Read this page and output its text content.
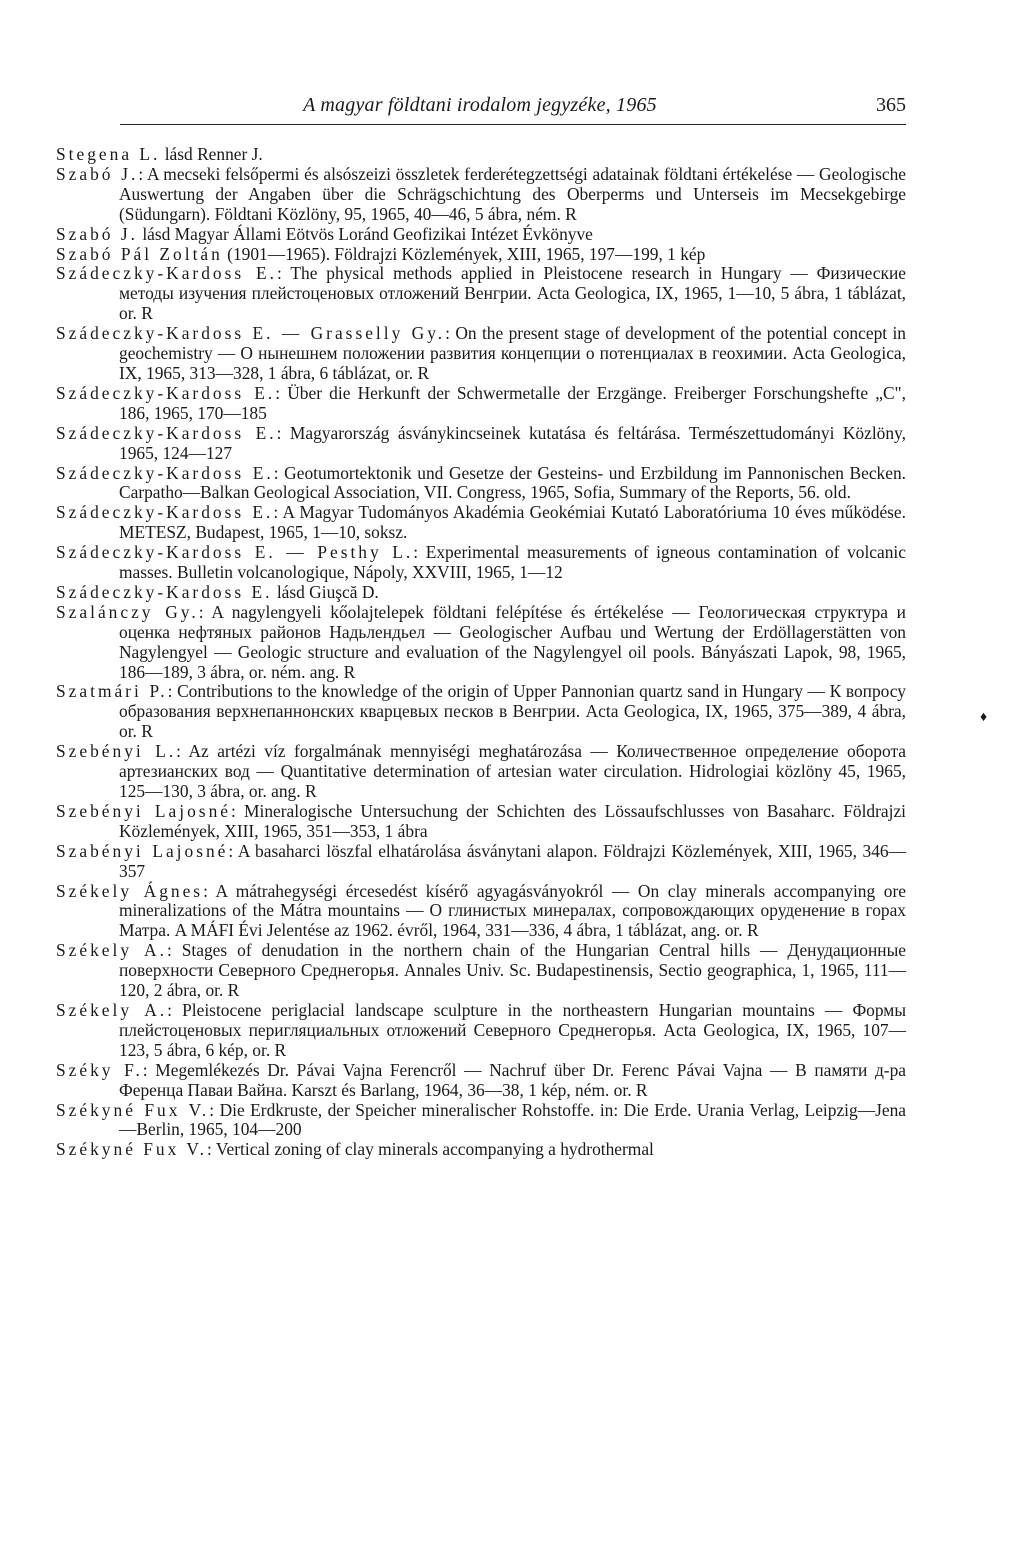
A magyar földtani irodalom jegyzéke, 1965	365

Stegena L. lásd Renner J.

Szabó J.: A mecseki felsőpermi és alsószeizi összletek ferderétegzettségi adatainak földtani értékelése — Geologische Auswertung der Angaben über die Schrägschichtung des Oberperms und Unterseis im Mecsekgebirge (Südungarn). Földtani Közlöny, 95, 1965, 40—46, 5 ábra, ném. R

Szabó J. lásd Magyar Állami Eötvös Loránd Geofizikai Intézet Évkönyve

Szabó Pál Zoltán (1901—1965). Földrajzi Közlemények, XIII, 1965, 197—199, 1 kép

Szádeczky-Kardoss E.: The physical methods applied in Pleistocene research in Hungary — Физические методы изучения плейстоценовых отложений Венгрии. Acta Geologica, IX, 1965, 1—10, 5 ábra, 1 táblázat, or. R

Szádeczky-Kardoss E. — Grasselly Gy.: On the present stage of development of the potential concept in geochemistry — О нынешнем положении развития концепции о потенциалах в геохимии. Acta Geologica, IX, 1965, 313—328, 1 ábra, 6 táblázat, or. R

Szádeczky-Kardoss E.: Über die Herkunft der Schwermetalle der Erzgänge. Freiberger Forschungshefte „C", 186, 1965, 170—185

Szádeczky-Kardoss E.: Magyarország ásványkincseinek kutatása és feltárása. Természettudományi Közlöny, 1965, 124—127

Szádeczky-Kardoss E.: Geotumortektonik und Gesetze der Gesteins- und Erzbildung im Pannonischen Becken. Carpatho—Balkan Geological Association, VII. Congress, 1965, Sofia, Summary of the Reports, 56. old.

Szádeczky-Kardoss E.: A Magyar Tudományos Akadémia Geokémiai Kutató Laboratóriuma 10 éves működése. METESZ, Budapest, 1965, 1—10, soksz.

Szádeczky-Kardoss E. — Pesthy L.: Experimental measurements of igneous contamination of volcanic masses. Bulletin volcanologique, Nápoly, XXVIII, 1965, 1—12

Szádeczky-Kardoss E. lásd Giuşcă D.

Szalánczy Gy.: A nagylengyeli kőolajtelepek földtani felépítése és értékelése — Геологическая структура и оценка нефтяных районов Надьлендьел — Geologischer Aufbau und Wertung der Erdöllagerstätten von Nagylengyel — Geologic structure and evaluation of the Nagylengyel oil pools. Bányászati Lapok, 98, 1965, 186—189, 3 ábra, or. ném. ang. R

Szatmári P.: Contributions to the knowledge of the origin of Upper Pannonian quartz sand in Hungary — К вопросу образования верхнепаннонских кварцевых песков в Венгрии. Acta Geologica, IX, 1965, 375—389, 4 ábra, or. R

Szebényi L.: Az artézi víz forgalmának mennyiségi meghatározása — Количественное определение оборота артезианских вод — Quantitative determination of artesian water circulation. Hidrologiai közlöny 45, 1965, 125—130, 3 ábra, or. ang. R

Szebényi Lajosné: Mineralogische Untersuchung der Schichten des Lössaufschlusses von Basaharc. Földrajzi Közlemények, XIII, 1965, 351—353, 1 ábra

Szabényi Lajosné: A basaharci löszfal elhatárolása ásványtani alapon. Földrajzi Közlemények, XIII, 1965, 346—357

Székely Ágnes: A mátrahegységi ércesedést kísérő agyagásványokról — On clay minerals accompanying ore mineralizations of the Mátra mountains — О глинистых минералах, сопровождающих оруденение в горах Матра. A MÁFI Évi Jelentése az 1962. évről, 1964, 331—336, 4 ábra, 1 táblázat, ang. or. R

Székely A.: Stages of denudation in the northern chain of the Hungarian Central hills — Денудационные поверхности Северного Среднегорья. Annales Univ. Sc. Budapestinensis, Sectio geographica, 1, 1965, 111—120, 2 ábra, or. R

Székely A.: Pleistocene periglacial landscape sculpture in the northeastern Hungarian mountains — Формы плейстоценовых перигляциальных отложений Северного Среднегорья. Acta Geologica, IX, 1965, 107—123, 5 ábra, 6 kép, or. R

Széky F.: Megemlékezés Dr. Pávai Vajna Ferencről — Nachruf über Dr. Ferenc Pávai Vajna — В памяти д-ра Ференца Паваи Вайна. Karszt és Barlang, 1964, 36—38, 1 kép, ném. or. R

Székyné Fux V.: Die Erdkruste, der Speicher mineralischer Rohstoffe. in: Die Erde. Urania Verlag, Leipzig—Jena—Berlin, 1965, 104—200

Székyné Fux V.: Vertical zoning of clay minerals accompanying a hydrothermal

♦
